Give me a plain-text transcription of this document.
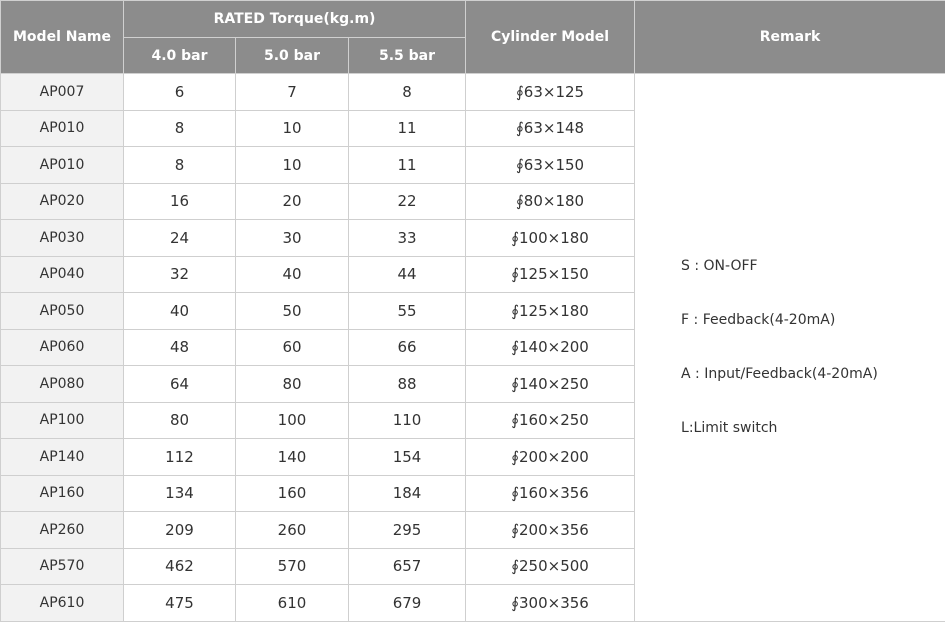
Model Name	RATED Torque(kg.m)			Cylinder Model	Remark
	4.0 bar	5.0 bar	5.5 bar		
AP007	6	7	8	∮63×125	S : ON-OFF
F : Feedback(4-20mA)
A : Input/Feedback(4-20mA)
L:Limit switch

AP010	8	10	11	∮63×148	
AP010	8	10	11	∮63×150	
AP020	16	20	22	∮80×180	
AP030	24	30	33	∮100×180	
AP040	32	40	44	∮125×150	
AP050	40	50	55	∮125×180	
AP060	48	60	66	∮140×200	
AP080	64	80	88	∮140×250	
AP100	80	100	110	∮160×250	
AP140	112	140	154	∮200×200	
AP160	134	160	184	∮160×356	
AP260	209	260	295	∮200×356	
AP570	462	570	657	∮250×500	
AP610	475	610	679	∮300×356	
